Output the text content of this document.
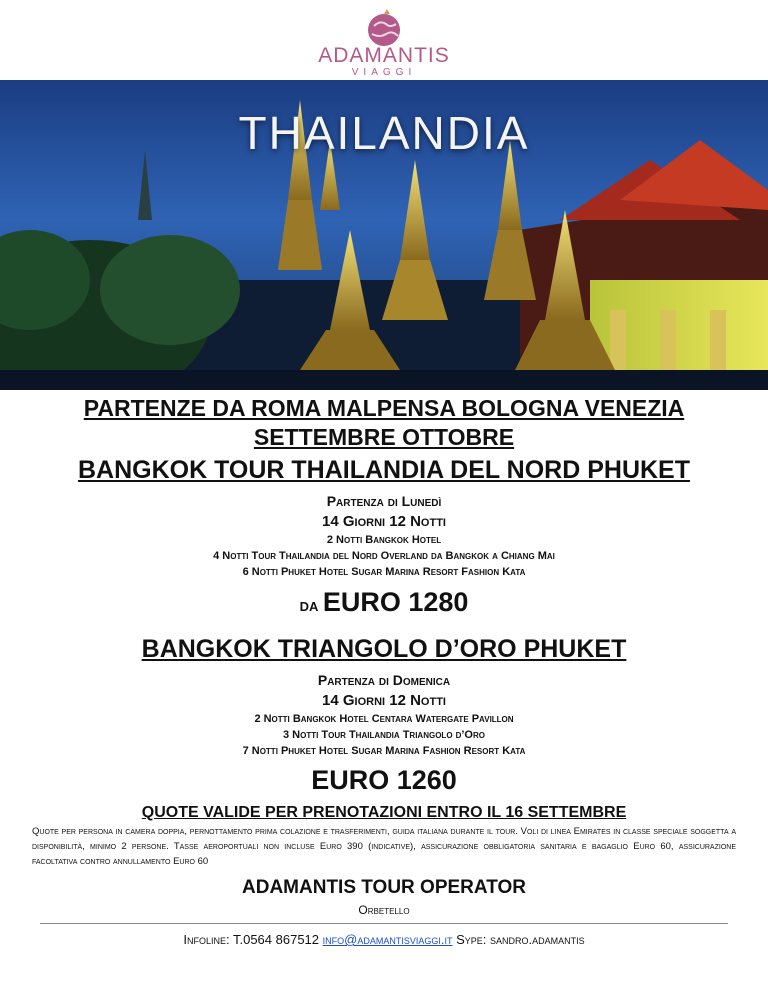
ADAMANTIS
VIAGGI
THAILANDIA
PARTENZE DA ROMA MALPENSA BOLOGNA VENEZIA
SETTEMBRE OTTOBRE
BANGKOK TOUR THAILANDIA DEL NORD PHUKET
Partenza di Lunedì
14 Giorni 12 Notti
2 Notti Bangkok Hotel
4 Notti Tour Thailandia del Nord Overland da Bangkok a Chiang Mai
6 Notti Phuket Hotel Sugar Marina Resort Fashion Kata
da EURO 1280
BANGKOK TRIANGOLO D’ORO PHUKET
Partenza di Domenica
14 Giorni 12 Notti
2 Notti Bangkok Hotel Centara Watergate Pavillon
3 Notti Tour Thailandia Triangolo d’Oro
7 Notti Phuket Hotel Sugar Marina Fashion Resort Kata
EURO 1260
QUOTE VALIDE PER PRENOTAZIONI ENTRO IL 16 SETTEMBRE
Quote per persona in camera doppia, pernottamento prima colazione e trasferimenti, guida italiana durante il tour. Voli di linea Emirates in classe speciale soggetta a disponibilità, minimo 2 persone. Tasse aeroportuali non incluse Euro 390 (indicative), assicurazione obbligatoria sanitaria e bagaglio Euro 60, assicurazione facoltativa contro annullamento Euro 60
ADAMANTIS TOUR OPERATOR
Orbetello
Infoline: T.0564 867512 info@adamantisviaggi.it Sype: sandro.adamantis
